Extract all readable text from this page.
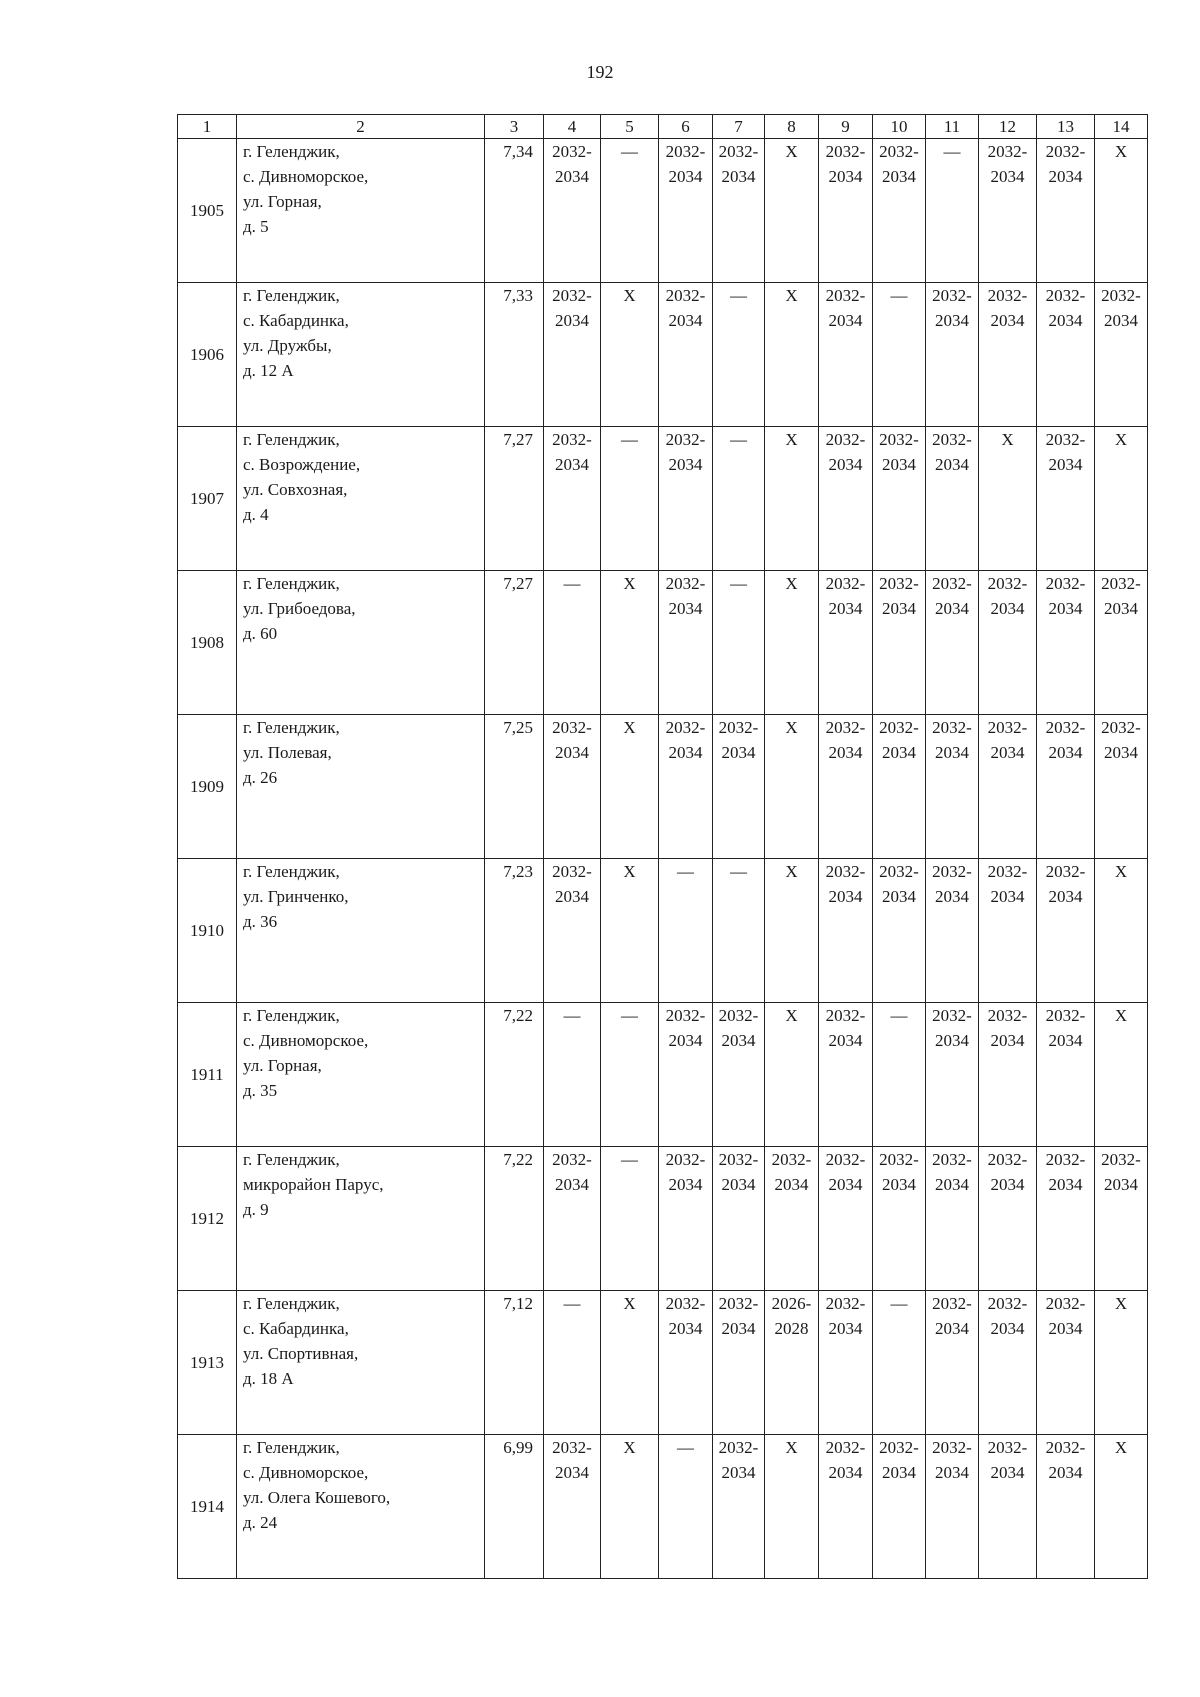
192
1	2	3	4	5	6	7	8	9	10	11	12	13	14
1905	г. Геленджик,
с. Дивноморское,
ул. Горная,
д. 5	7,34	2032-
2034	—	2032-
2034	2032-
2034	X	2032-
2034	2032-
2034	—	2032-
2034	2032-
2034	X

1906	г. Геленджик,
с. Кабардинка,
ул. Дружбы,
д. 12 А	7,33	2032-
2034	X	2032-
2034	—	X	2032-
2034	—	2032-
2034	2032-
2034	2032-
2034	2032-
2034

1907	г. Геленджик,
с. Возрождение,
ул. Совхозная,
д. 4	7,27	2032-
2034	—	2032-
2034	—	X	2032-
2034	2032-
2034	2032-
2034	X	2032-
2034	X

1908	г. Геленджик,
ул. Грибоедова,
д. 60	7,27	—	X	2032-
2034	—	X	2032-
2034	2032-
2034	2032-
2034	2032-
2034	2032-
2034	2032-
2034

1909	г. Геленджик,
ул. Полевая,
д. 26	7,25	2032-
2034	X	2032-
2034	2032-
2034	X	2032-
2034	2032-
2034	2032-
2034	2032-
2034	2032-
2034	2032-
2034

1910	г. Геленджик,
ул. Гринченко,
д. 36	7,23	2032-
2034	X	—	—	X	2032-
2034	2032-
2034	2032-
2034	2032-
2034	2032-
2034	X

1911	г. Геленджик,
с. Дивноморское,
ул. Горная,
д. 35	7,22	—	—	2032-
2034	2032-
2034	X	2032-
2034	—	2032-
2034	2032-
2034	2032-
2034	X

1912	г. Геленджик,
микрорайон Парус,
д. 9	7,22	2032-
2034	—	2032-
2034	2032-
2034	2032-
2034	2032-
2034	2032-
2034	2032-
2034	2032-
2034	2032-
2034	2032-
2034

1913	г. Геленджик,
с. Кабардинка,
ул. Спортивная,
д. 18 А	7,12	—	X	2032-
2034	2032-
2034	2026-
2028	2032-
2034	—	2032-
2034	2032-
2034	2032-
2034	X

1914	г. Геленджик,
с. Дивноморское,
ул. Олега Кошевого,
д. 24	6,99	2032-
2034	X	—	2032-
2034	X	2032-
2034	2032-
2034	2032-
2034	2032-
2034	2032-
2034	X
